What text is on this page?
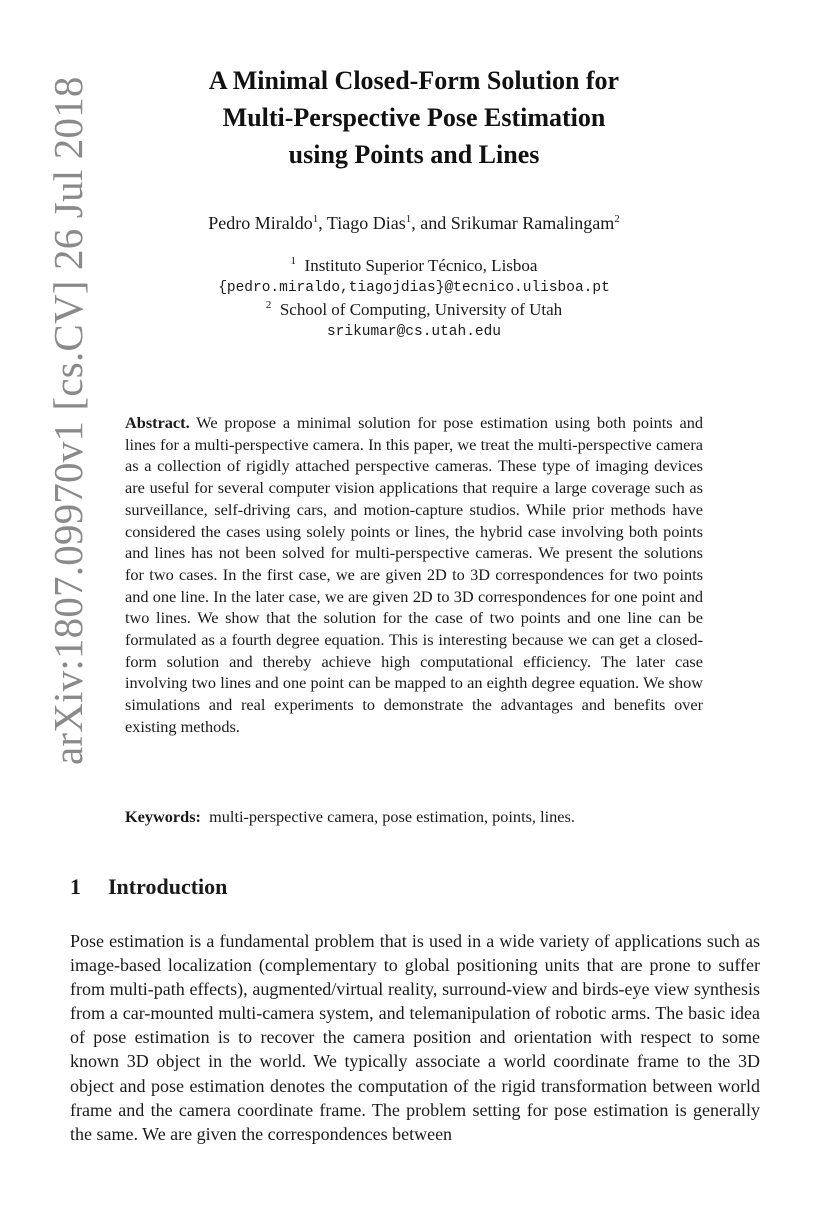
arXiv:1807.09970v1 [cs.CV] 26 Jul 2018	A Minimal Closed-Form Solution for
Multi-Perspective Pose Estimation
using Points and Lines
Pedro Miraldo$^1$, Tiago Dias$^1$, and Srikumar Ramalingam$^2$
$^1$ Instituto Superior Técnico, Lisboa
{pedro.miraldo,tiagojdias}@tecnico.ulisboa.pt
$^2$ School of Computing, University of Utah
srikumar@cs.utah.edu
Abstract. We propose a minimal solution for pose estimation using both points and lines for a multi-perspective camera. In this paper, we treat the multi-perspective camera as a collection of rigidly attached perspective cameras. These type of imaging devices are useful for several computer vision applications that require a large coverage such as surveillance, self-driving cars, and motion-capture studios. While prior methods have considered the cases using solely points or lines, the hybrid case involving both points and lines has not been solved for multi-perspective cameras. We present the solutions for two cases. In the first case, we are given 2D to 3D correspondences for two points and one line. In the later case, we are given 2D to 3D correspondences for one point and two lines. We show that the solution for the case of two points and one line can be formulated as a fourth degree equation. This is interesting because we can get a closed-form solution and thereby achieve high computational efficiency. The later case involving two lines and one point can be mapped to an eighth degree equation. We show simulations and real experiments to demonstrate the advantages and benefits over existing methods.
Keywords: multi-perspective camera, pose estimation, points, lines.
1 Introduction

Pose estimation is a fundamental problem that is used in a wide variety of applications such as image-based localization (complementary to global positioning units that are prone to suffer from multi-path effects), augmented/virtual reality, surround-view and birds-eye view synthesis from a car-mounted multi-camera system, and telemanipulation of robotic arms. The basic idea of pose estimation is to recover the camera position and orientation with respect to some known 3D object in the world. We typically associate a world coordinate frame to the 3D object and pose estimation denotes the computation of the rigid transformation between world frame and the camera coordinate frame. The problem setting for pose estimation is generally the same. We are given the correspondences between
